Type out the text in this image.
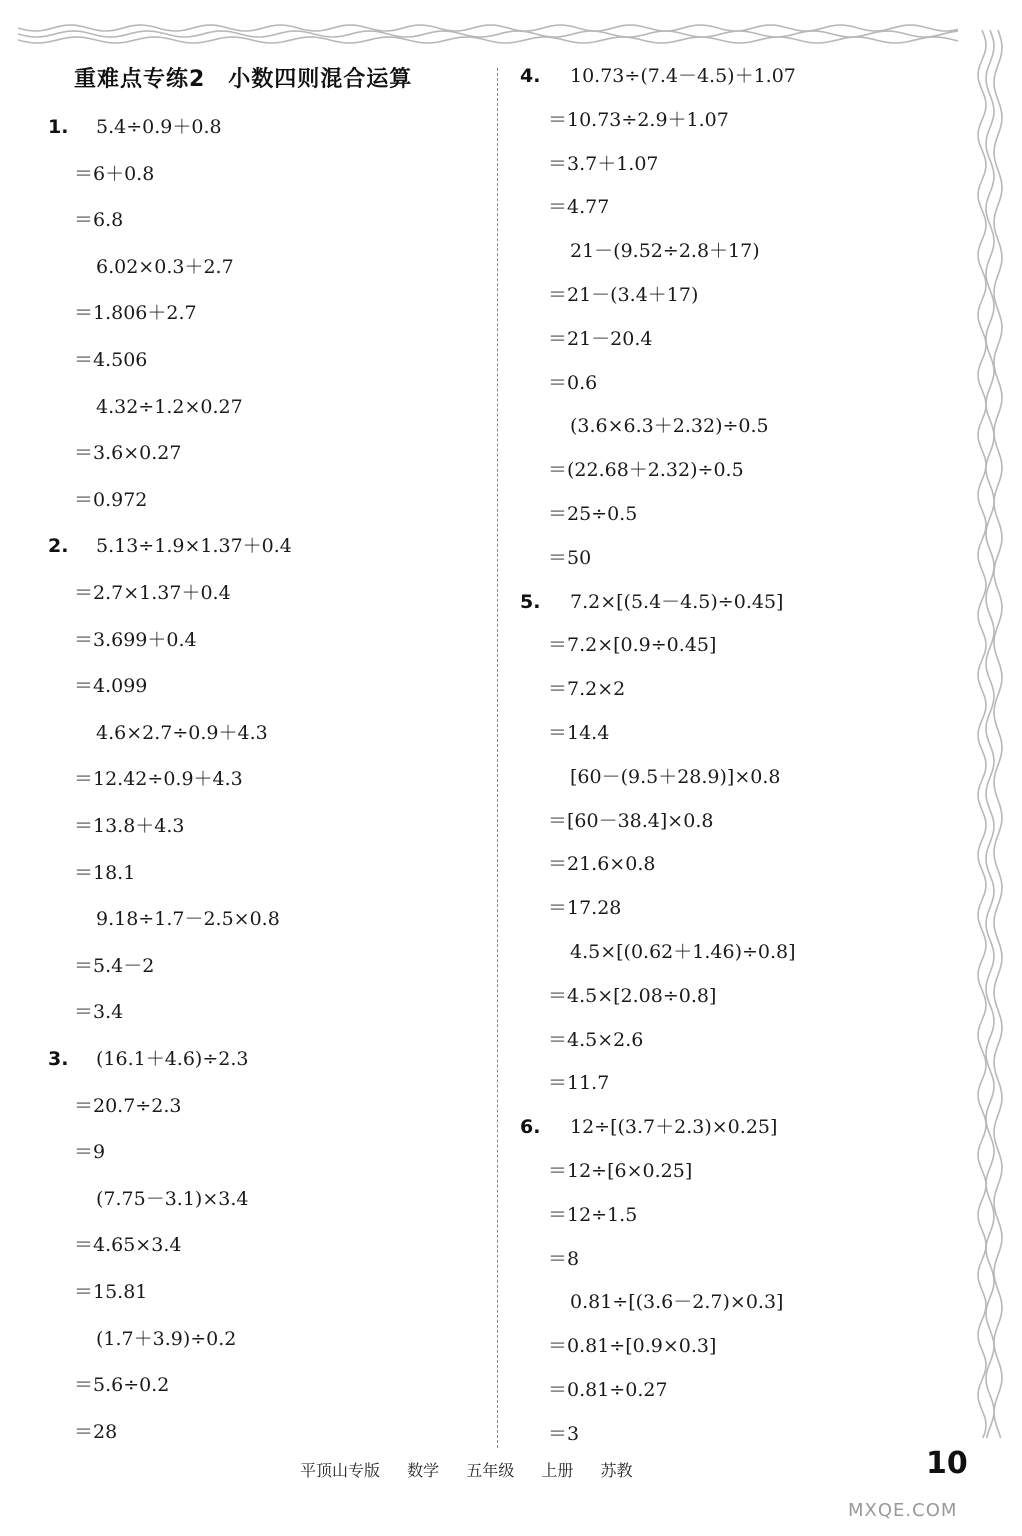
重难点专练2　小数四则混合运算
1. 5.4÷0.9＋0.8
＝6＋0.8
＝6.8
6.02×0.3＋2.7
＝1.806＋2.7
＝4.506
4.32÷1.2×0.27
＝3.6×0.27
＝0.972
2. 5.13÷1.9×1.37＋0.4
＝2.7×1.37＋0.4
＝3.699＋0.4
＝4.099
4.6×2.7÷0.9＋4.3
＝12.42÷0.9＋4.3
＝13.8＋4.3
＝18.1
9.18÷1.7－2.5×0.8
＝5.4－2
＝3.4
3. (16.1＋4.6)÷2.3
＝20.7÷2.3
＝9
(7.75－3.1)×3.4
＝4.65×3.4
＝15.81
(1.7＋3.9)÷0.2
＝5.6÷0.2
＝28
4. 10.73÷(7.4－4.5)＋1.07
＝10.73÷2.9＋1.07
＝3.7＋1.07
＝4.77
21－(9.52÷2.8＋17)
＝21－(3.4＋17)
＝21－20.4
＝0.6
(3.6×6.3＋2.32)÷0.5
＝(22.68＋2.32)÷0.5
＝25÷0.5
＝50
5. 7.2×[(5.4－4.5)÷0.45]
＝7.2×[0.9÷0.45]
＝7.2×2
＝14.4
[60－(9.5＋28.9)]×0.8
＝[60－38.4]×0.8
＝21.6×0.8
＝17.28
4.5×[(0.62＋1.46)÷0.8]
＝4.5×[2.08÷0.8]
＝4.5×2.6
＝11.7
6. 12÷[(3.7＋2.3)×0.25]
＝12÷[6×0.25]
＝12÷1.5
＝8
0.81÷[(3.6－2.7)×0.3]
＝0.81÷[0.9×0.3]
＝0.81÷0.27
＝3
平顶山专版 数学 五年级 上册 苏教	10
MXQE.COM
